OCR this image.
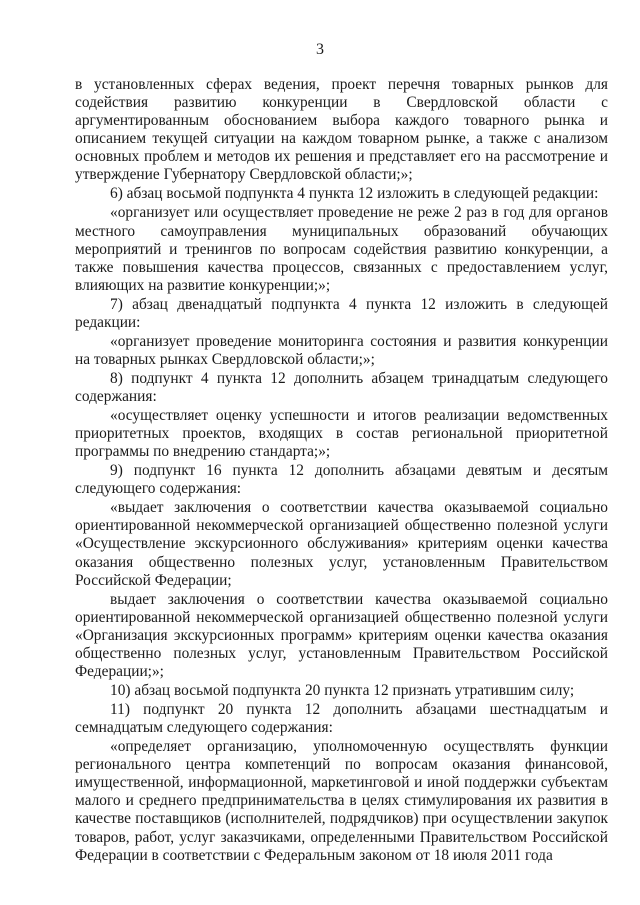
3

в установленных сферах ведения, проект перечня товарных рынков для содействия развитию конкуренции в Свердловской области с аргументированным обоснованием выбора каждого товарного рынка и описанием текущей ситуации на каждом товарном рынке, а также с анализом основных проблем и методов их решения и представляет его на рассмотрение и утверждение Губернатору Свердловской области;»;

6) абзац восьмой подпункта 4 пункта 12 изложить в следующей редакции:

«организует или осуществляет проведение не реже 2 раз в год для органов местного самоуправления муниципальных образований обучающих мероприятий и тренингов по вопросам содействия развитию конкуренции, а также повышения качества процессов, связанных с предоставлением услуг, влияющих на развитие конкуренции;»;

7) абзац двенадцатый подпункта 4 пункта 12 изложить в следующей редакции:

«организует проведение мониторинга состояния и развития конкуренции на товарных рынках Свердловской области;»;

8) подпункт 4 пункта 12 дополнить абзацем тринадцатым следующего содержания:

«осуществляет оценку успешности и итогов реализации ведомственных приоритетных проектов, входящих в состав региональной приоритетной программы по внедрению стандарта;»;

9) подпункт 16 пункта 12 дополнить абзацами девятым и десятым следующего содержания:

«выдает заключения о соответствии качества оказываемой социально ориентированной некоммерческой организацией общественно полезной услуги «Осуществление экскурсионного обслуживания» критериям оценки качества оказания общественно полезных услуг, установленным Правительством Российской Федерации;

выдает заключения о соответствии качества оказываемой социально ориентированной некоммерческой организацией общественно полезной услуги «Организация экскурсионных программ» критериям оценки качества оказания общественно полезных услуг, установленным Правительством Российской Федерации;»;

10) абзац восьмой подпункта 20 пункта 12 признать утратившим силу;

11) подпункт 20 пункта 12 дополнить абзацами шестнадцатым и семнадцатым следующего содержания:

«определяет организацию, уполномоченную осуществлять функции регионального центра компетенций по вопросам оказания финансовой, имущественной, информационной, маркетинговой и иной поддержки субъектам малого и среднего предпринимательства в целях стимулирования их развития в качестве поставщиков (исполнителей, подрядчиков) при осуществлении закупок товаров, работ, услуг заказчиками, определенными Правительством Российской Федерации в соответствии с Федеральным законом от 18 июля 2011 года
